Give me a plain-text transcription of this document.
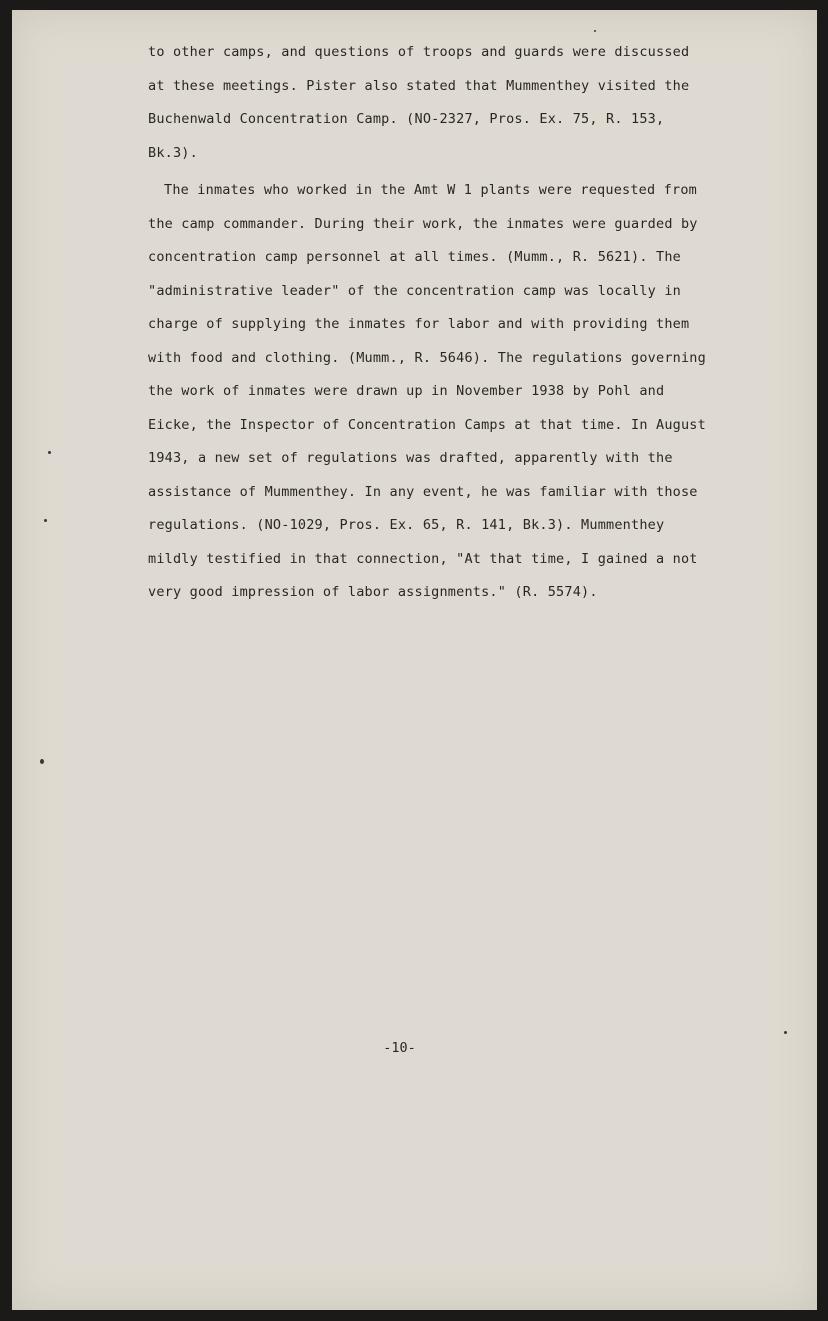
to other camps, and questions of troops and guards were discussed
at these meetings. Pister also stated that Mummenthey visited the
Buchenwald Concentration Camp. (NO-2327, Pros. Ex. 75, R. 153,
Bk.3).
The inmates who worked in the Amt W 1 plants were requested from
the camp commander. During their work, the inmates were guarded by
concentration camp personnel at all times. (Mumm., R. 5621). The
"administrative leader" of the concentration camp was locally in
charge of supplying the inmates for labor and with providing them
with food and clothing. (Mumm., R. 5646). The regulations governing
the work of inmates were drawn up in November 1938 by Pohl and
Eicke, the Inspector of Concentration Camps at that time. In August
1943, a new set of regulations was drafted, apparently with the
assistance of Mummenthey. In any event, he was familiar with those
regulations. (NO-1029, Pros. Ex. 65, R. 141, Bk.3). Mummenthey
mildly testified in that connection, "At that time, I gained a not
very good impression of labor assignments." (R. 5574).
-10-
